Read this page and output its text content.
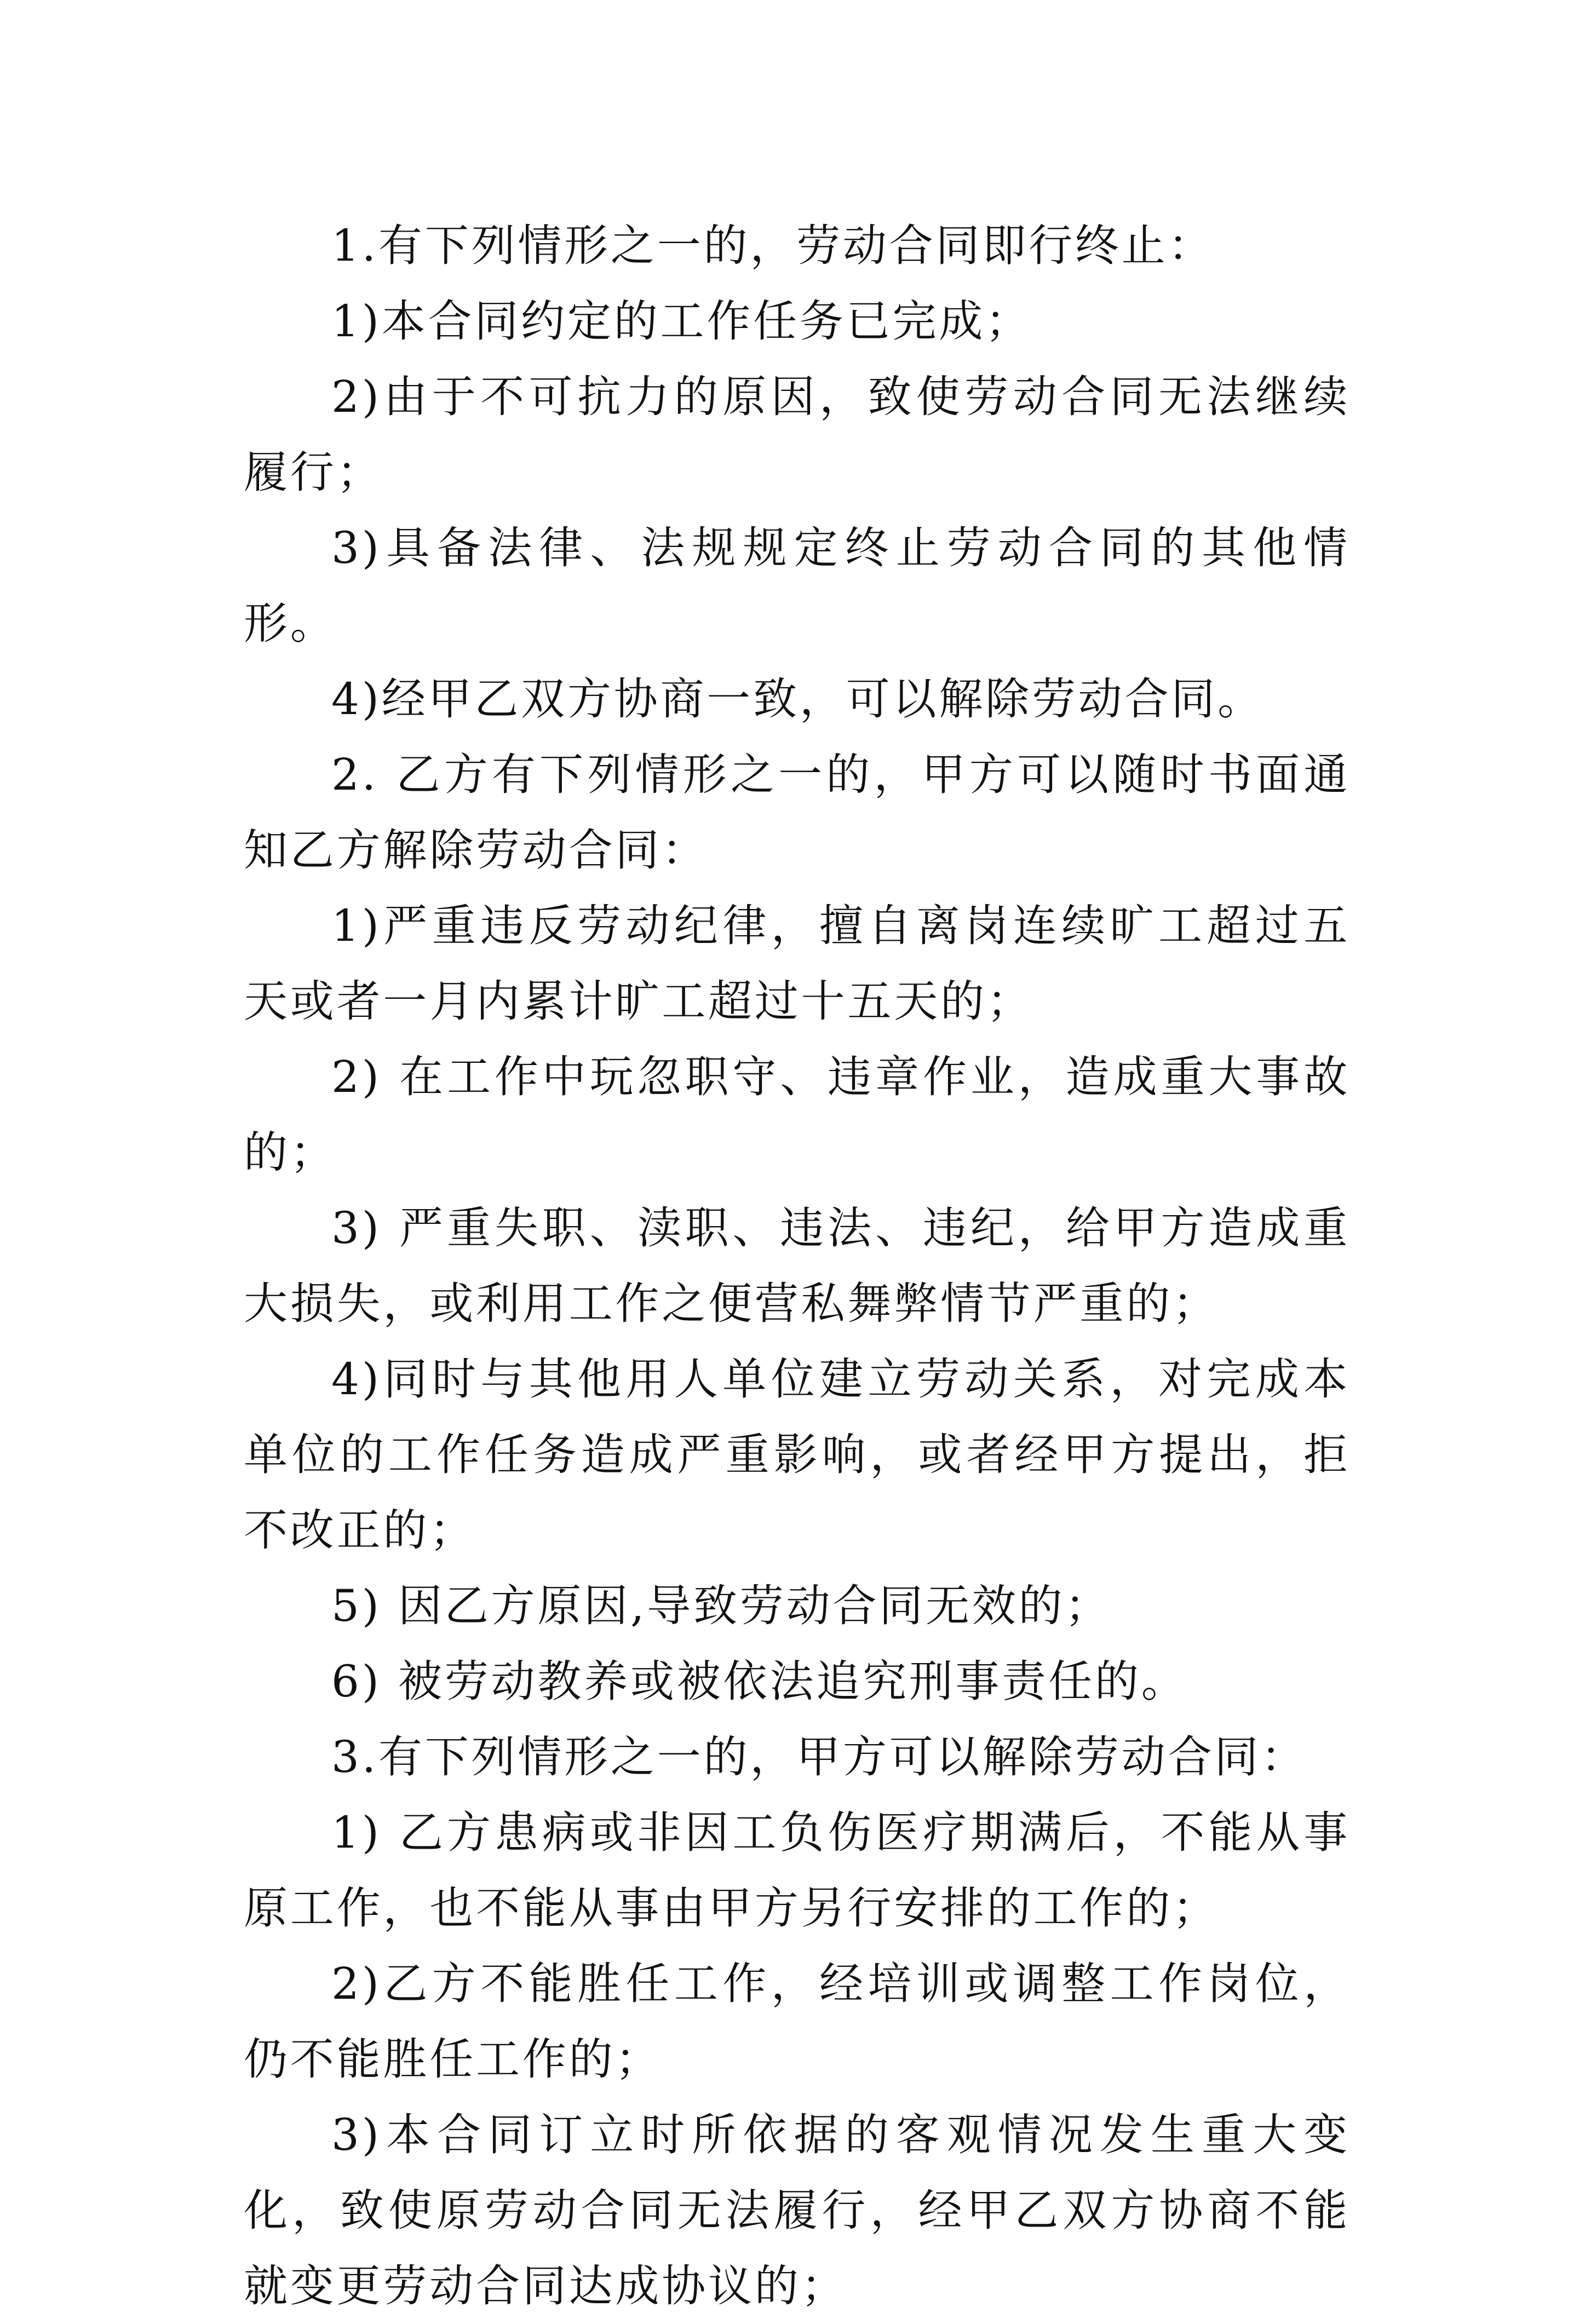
1.有下列情形之一的，劳动合同即行终止：

1)本合同约定的工作任务已完成；

2)由于不可抗力的原因，致使劳动合同无法继续履行；

3)具备法律、法规规定终止劳动合同的其他情形。

4)经甲乙双方协商一致，可以解除劳动合同。

2. 乙方有下列情形之一的，甲方可以随时书面通知乙方解除劳动合同：

1)严重违反劳动纪律，擅自离岗连续旷工超过五天或者一月内累计旷工超过十五天的；

2) 在工作中玩忽职守、违章作业，造成重大事故的；

3) 严重失职、渎职、违法、违纪，给甲方造成重大损失，或利用工作之便营私舞弊情节严重的；

4)同时与其他用人单位建立劳动关系，对完成本单位的工作任务造成严重影响，或者经甲方提出，拒不改正的；

5) 因乙方原因,导致劳动合同无效的；

6) 被劳动教养或被依法追究刑事责任的。

3.有下列情形之一的，甲方可以解除劳动合同：

1) 乙方患病或非因工负伤医疗期满后，不能从事原工作，也不能从事由甲方另行安排的工作的；

2)乙方不能胜任工作，经培训或调整工作岗位，仍不能胜任工作的；

3)本合同订立时所依据的客观情况发生重大变化，致使原劳动合同无法履行，经甲乙双方协商不能就变更劳动合同达成协议的；
